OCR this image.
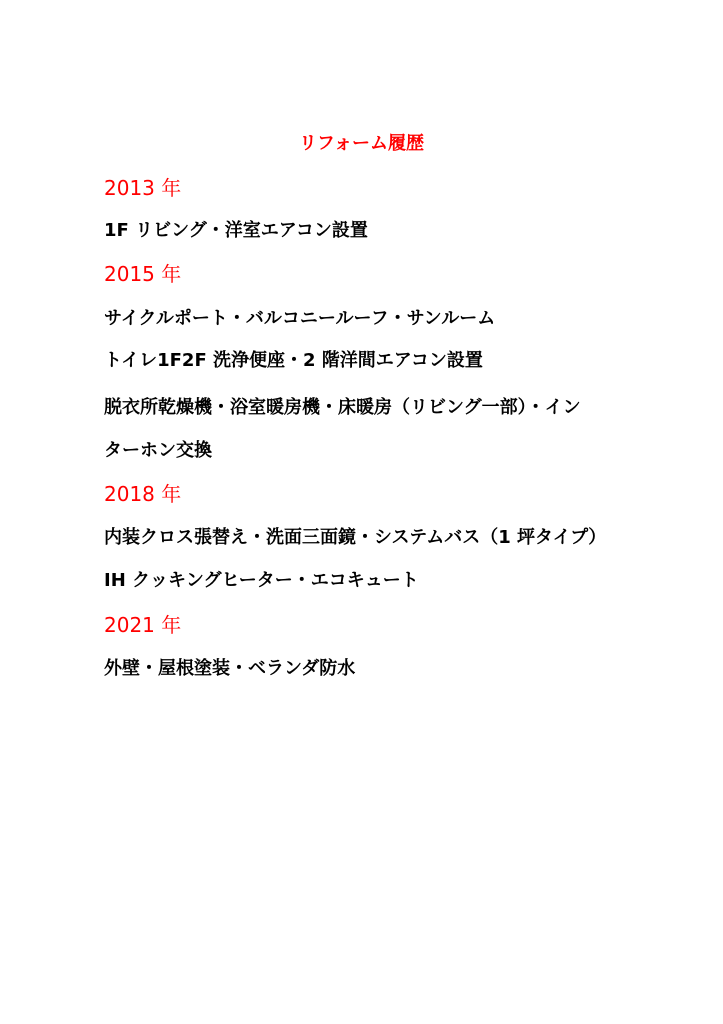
リフォーム履歴
2013 年
1F リビング・洋室エアコン設置
2015 年
サイクルポート・バルコニールーフ・サンルーム
トイレ1F2F 洗浄便座・2 階洋間エアコン設置
脱衣所乾燥機・浴室暖房機・床暖房（リビング一部）・イン
ターホン交換
2018 年
内装クロス張替え・洗面三面鏡・システムバス（1 坪タイプ）
IH クッキングヒーター・エコキュート
2021 年
外壁・屋根塗装・ベランダ防水
